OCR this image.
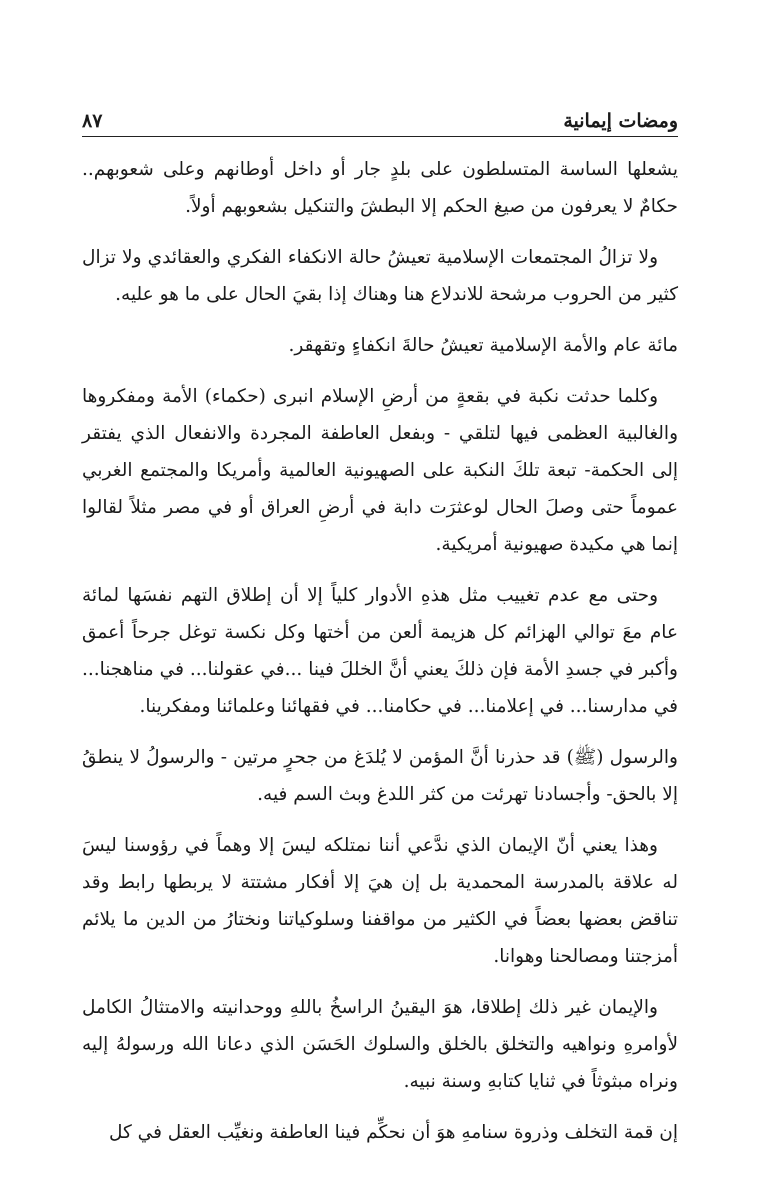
ومضات إيمانية
٨٧

يشعلها الساسة المتسلطون على بلدٍ جار أو داخل أوطانهم وعلى شعوبهم.. حكامٌ لا يعرفون من صيغ الحكم إلا البطشَ والتنكيل بشعوبهم أولاً.

ولا تزالُ المجتمعات الإسلامية تعيشُ حالة الانكفاء الفكري والعقائدي ولا تزال كثير من الحروب مرشحة للاندلاع هنا وهناك إذا بقيَ الحال على ما هو عليه.

مائة عام والأمة الإسلامية تعيشُ حالةَ انكفاءٍ وتقهقر.

وكلما حدثت نكبة في بقعةٍ من أرضِ الإسلام انبرى (حكماء) الأمة ومفكروها والغالبية العظمى فيها لتلقي - وبفعل العاطفة المجردة والانفعال الذي يفتقر إلى الحكمة- تبعة تلكَ النكبة على الصهيونية العالمية وأمريكا والمجتمع الغربي عموماً حتى وصلَ الحال لوعثرَت دابة في أرضِ العراق أو في مصر مثلاً لقالوا إنما هي مكيدة صهيونية أمريكية.

وحتى مع عدم تغييب مثل هذهِ الأدوار كلياً إلا أن إطلاق التهم نفسَها لمائة عام معَ توالي الهزائم كل هزيمة ألعن من أختها وكل نكسة توغل جرحاً أعمق وأكبر في جسدِ الأمة فإن ذلكَ يعني أنَّ الخللَ فينا ...في عقولنا... في مناهجنا... في مدارسنا... في إعلامنا... في حكامنا... في فقهائنا وعلمائنا ومفكرينا.

والرسول (ﷺ) قد حذرنا أنَّ المؤمن لا يُلدَغ من جحرٍ مرتين - والرسولُ لا ينطقُ إلا بالحق- وأجسادنا تهرئت من كثر اللدغ وبث السم فيه.

وهذا يعني أنّ الإيمان الذي ندَّعي أننا نمتلكه ليسَ إلا وهماً في رؤوسنا ليسَ له علاقة بالمدرسة المحمدية بل إن هيَ إلا أفكار مشتتة لا يربطها رابط وقد تناقض بعضها بعضاً في الكثير من مواقفنا وسلوكياتنا ونختارُ من الدين ما يلائم أمزجتنا ومصالحنا وهوانا.

والإيمان غير ذلك إطلاقا، هوَ اليقينُ الراسخُ باللهِ ووحدانيته والامتثالُ الكامل لأوامرهِ ونواهيه والتخلق بالخلق والسلوك الحَسَن الذي دعانا الله ورسولهُ إليه ونراه مبثوثاً في ثنايا كتابهِ وسنة نبيه.

إن قمة التخلف وذروة سنامهِ هوَ أن نحكِّم فينا العاطفة ونغيِّب العقل في كل
